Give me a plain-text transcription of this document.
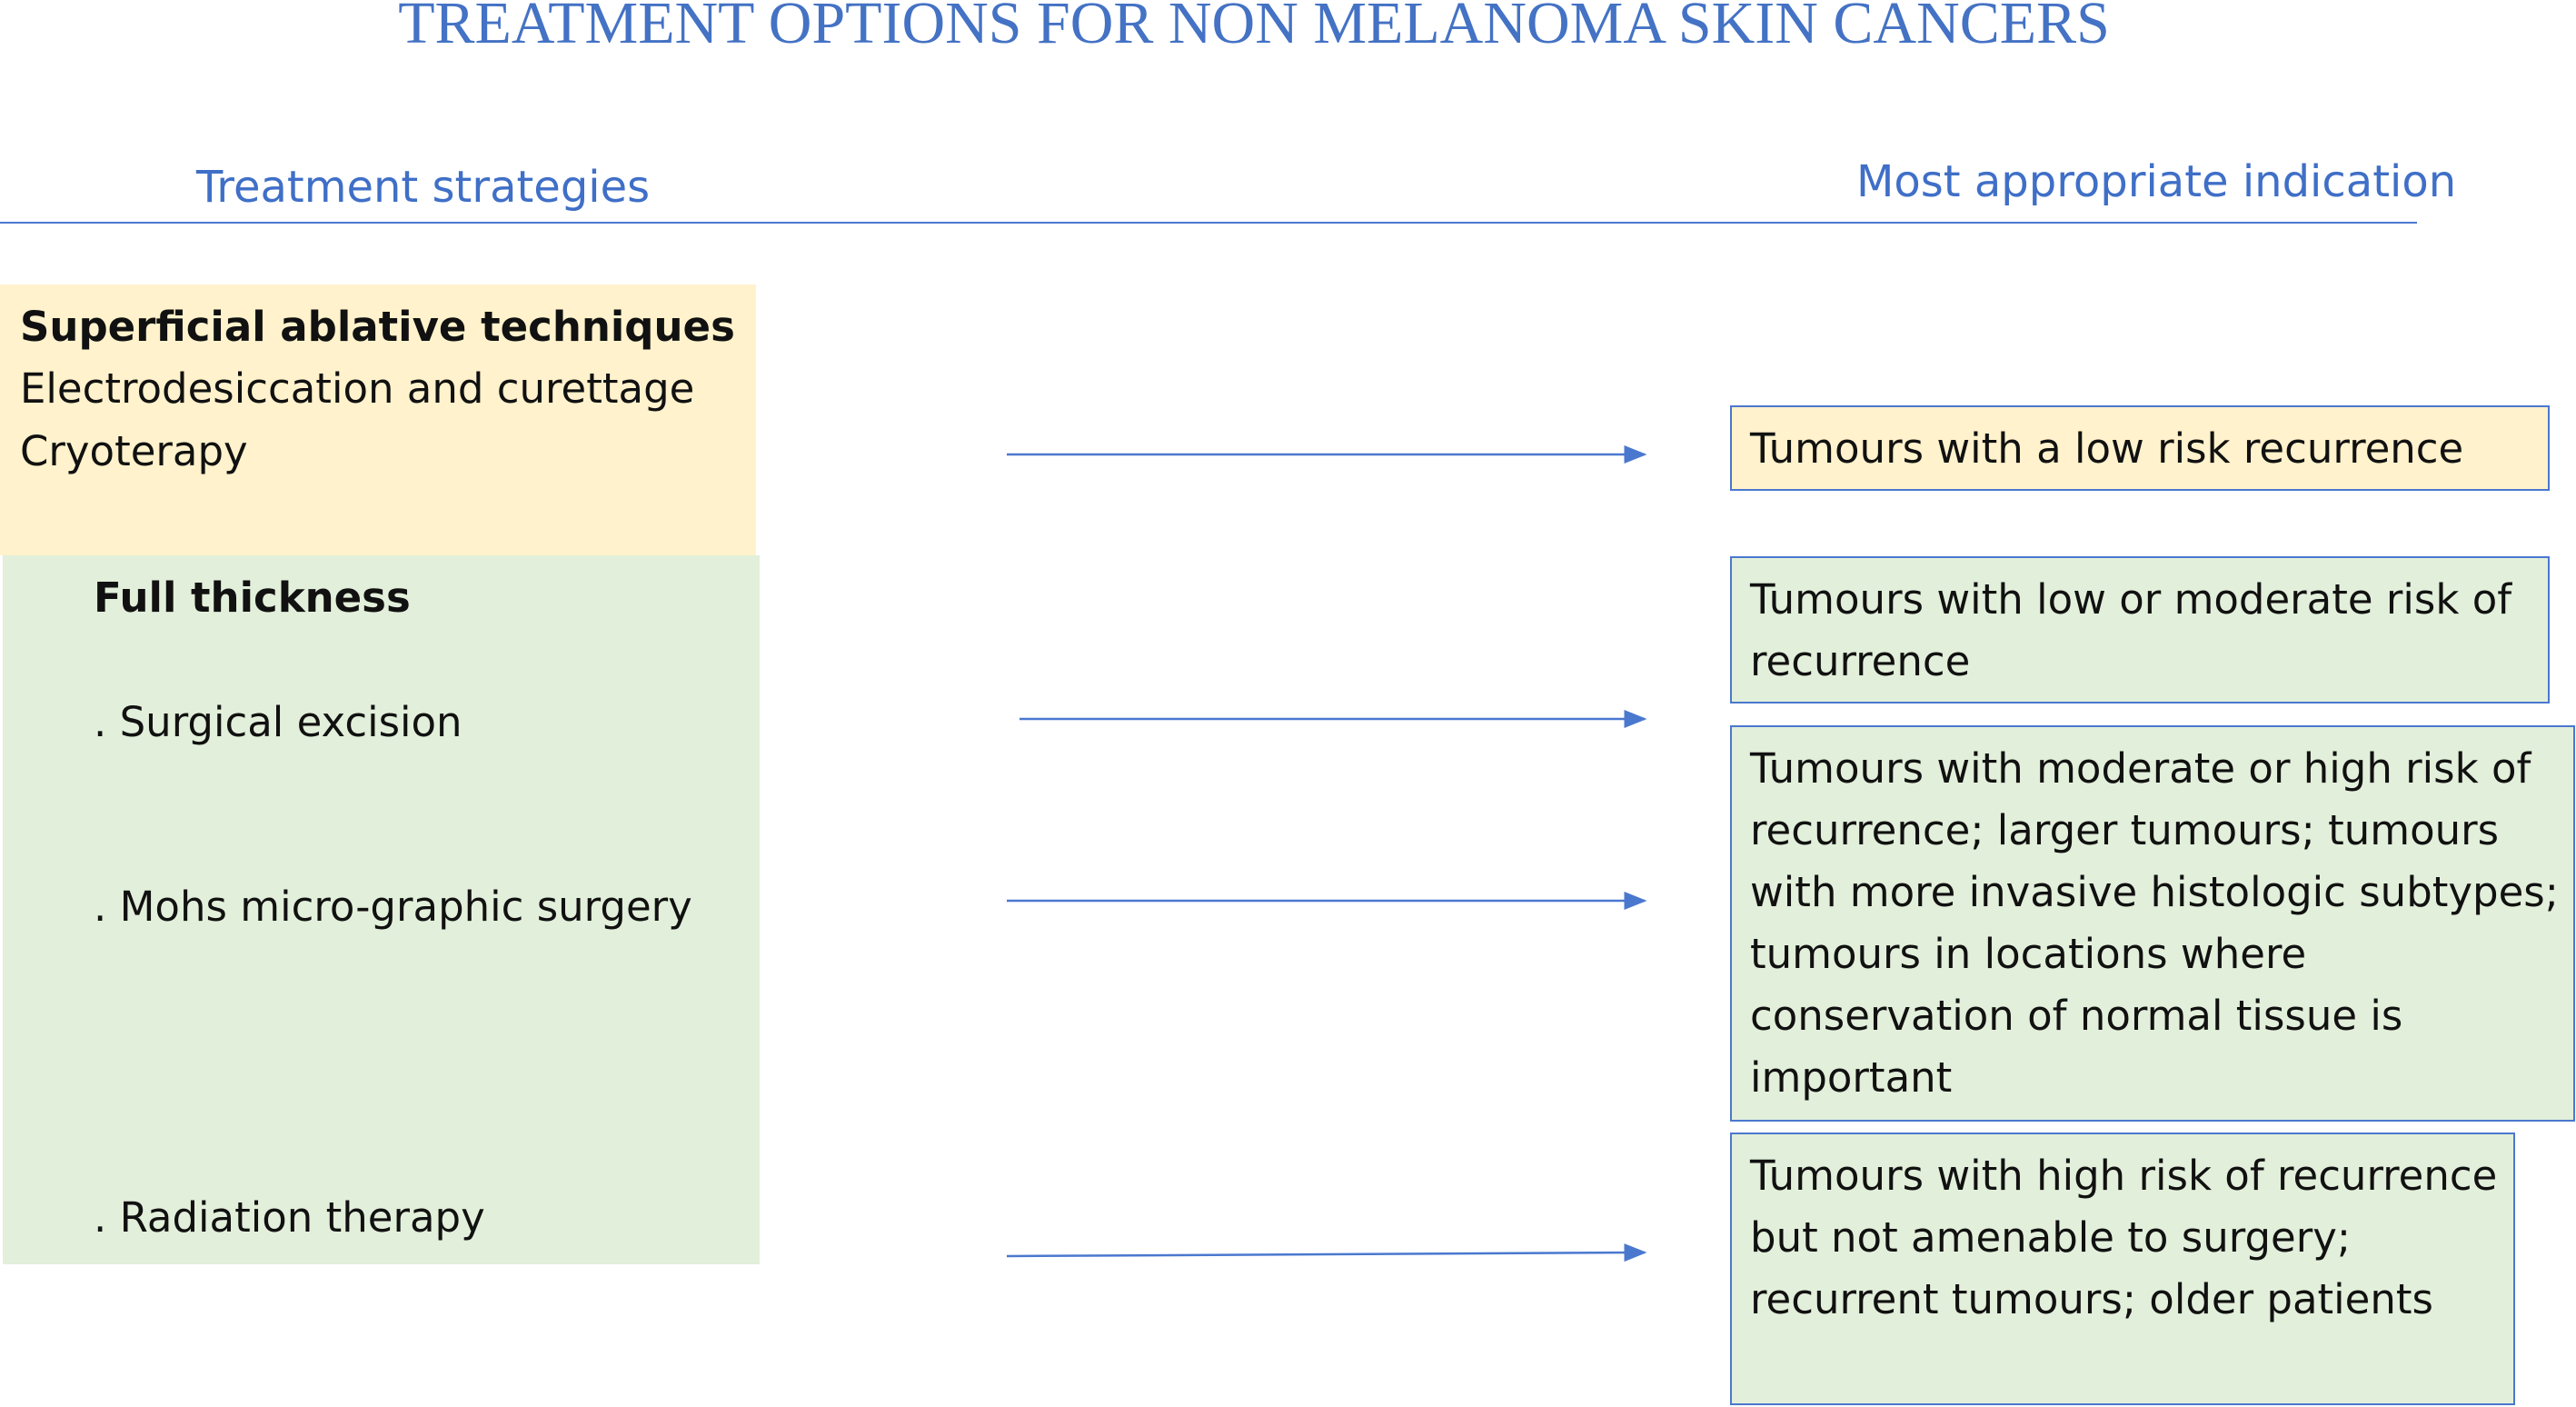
TREATMENT OPTIONS FOR NON MELANOMA SKIN CANCERS
Treatment strategies	Most appropriate indication
Superficial ablative techniques
Electrodesiccation and curettage
Cryoterapy
Full thickness
. Surgical excision
. Mohs micro-graphic surgery
. Radiation therapy
Tumours with a low risk recurrence
Tumours with low or moderate risk of recurrence
Tumours with moderate or high risk of recurrence; larger tumours; tumours with more invasive histologic subtypes; tumours in locations where conservation of normal tissue is important
Tumours with high risk of recurrence but not amenable to surgery; recurrent tumours; older patients
